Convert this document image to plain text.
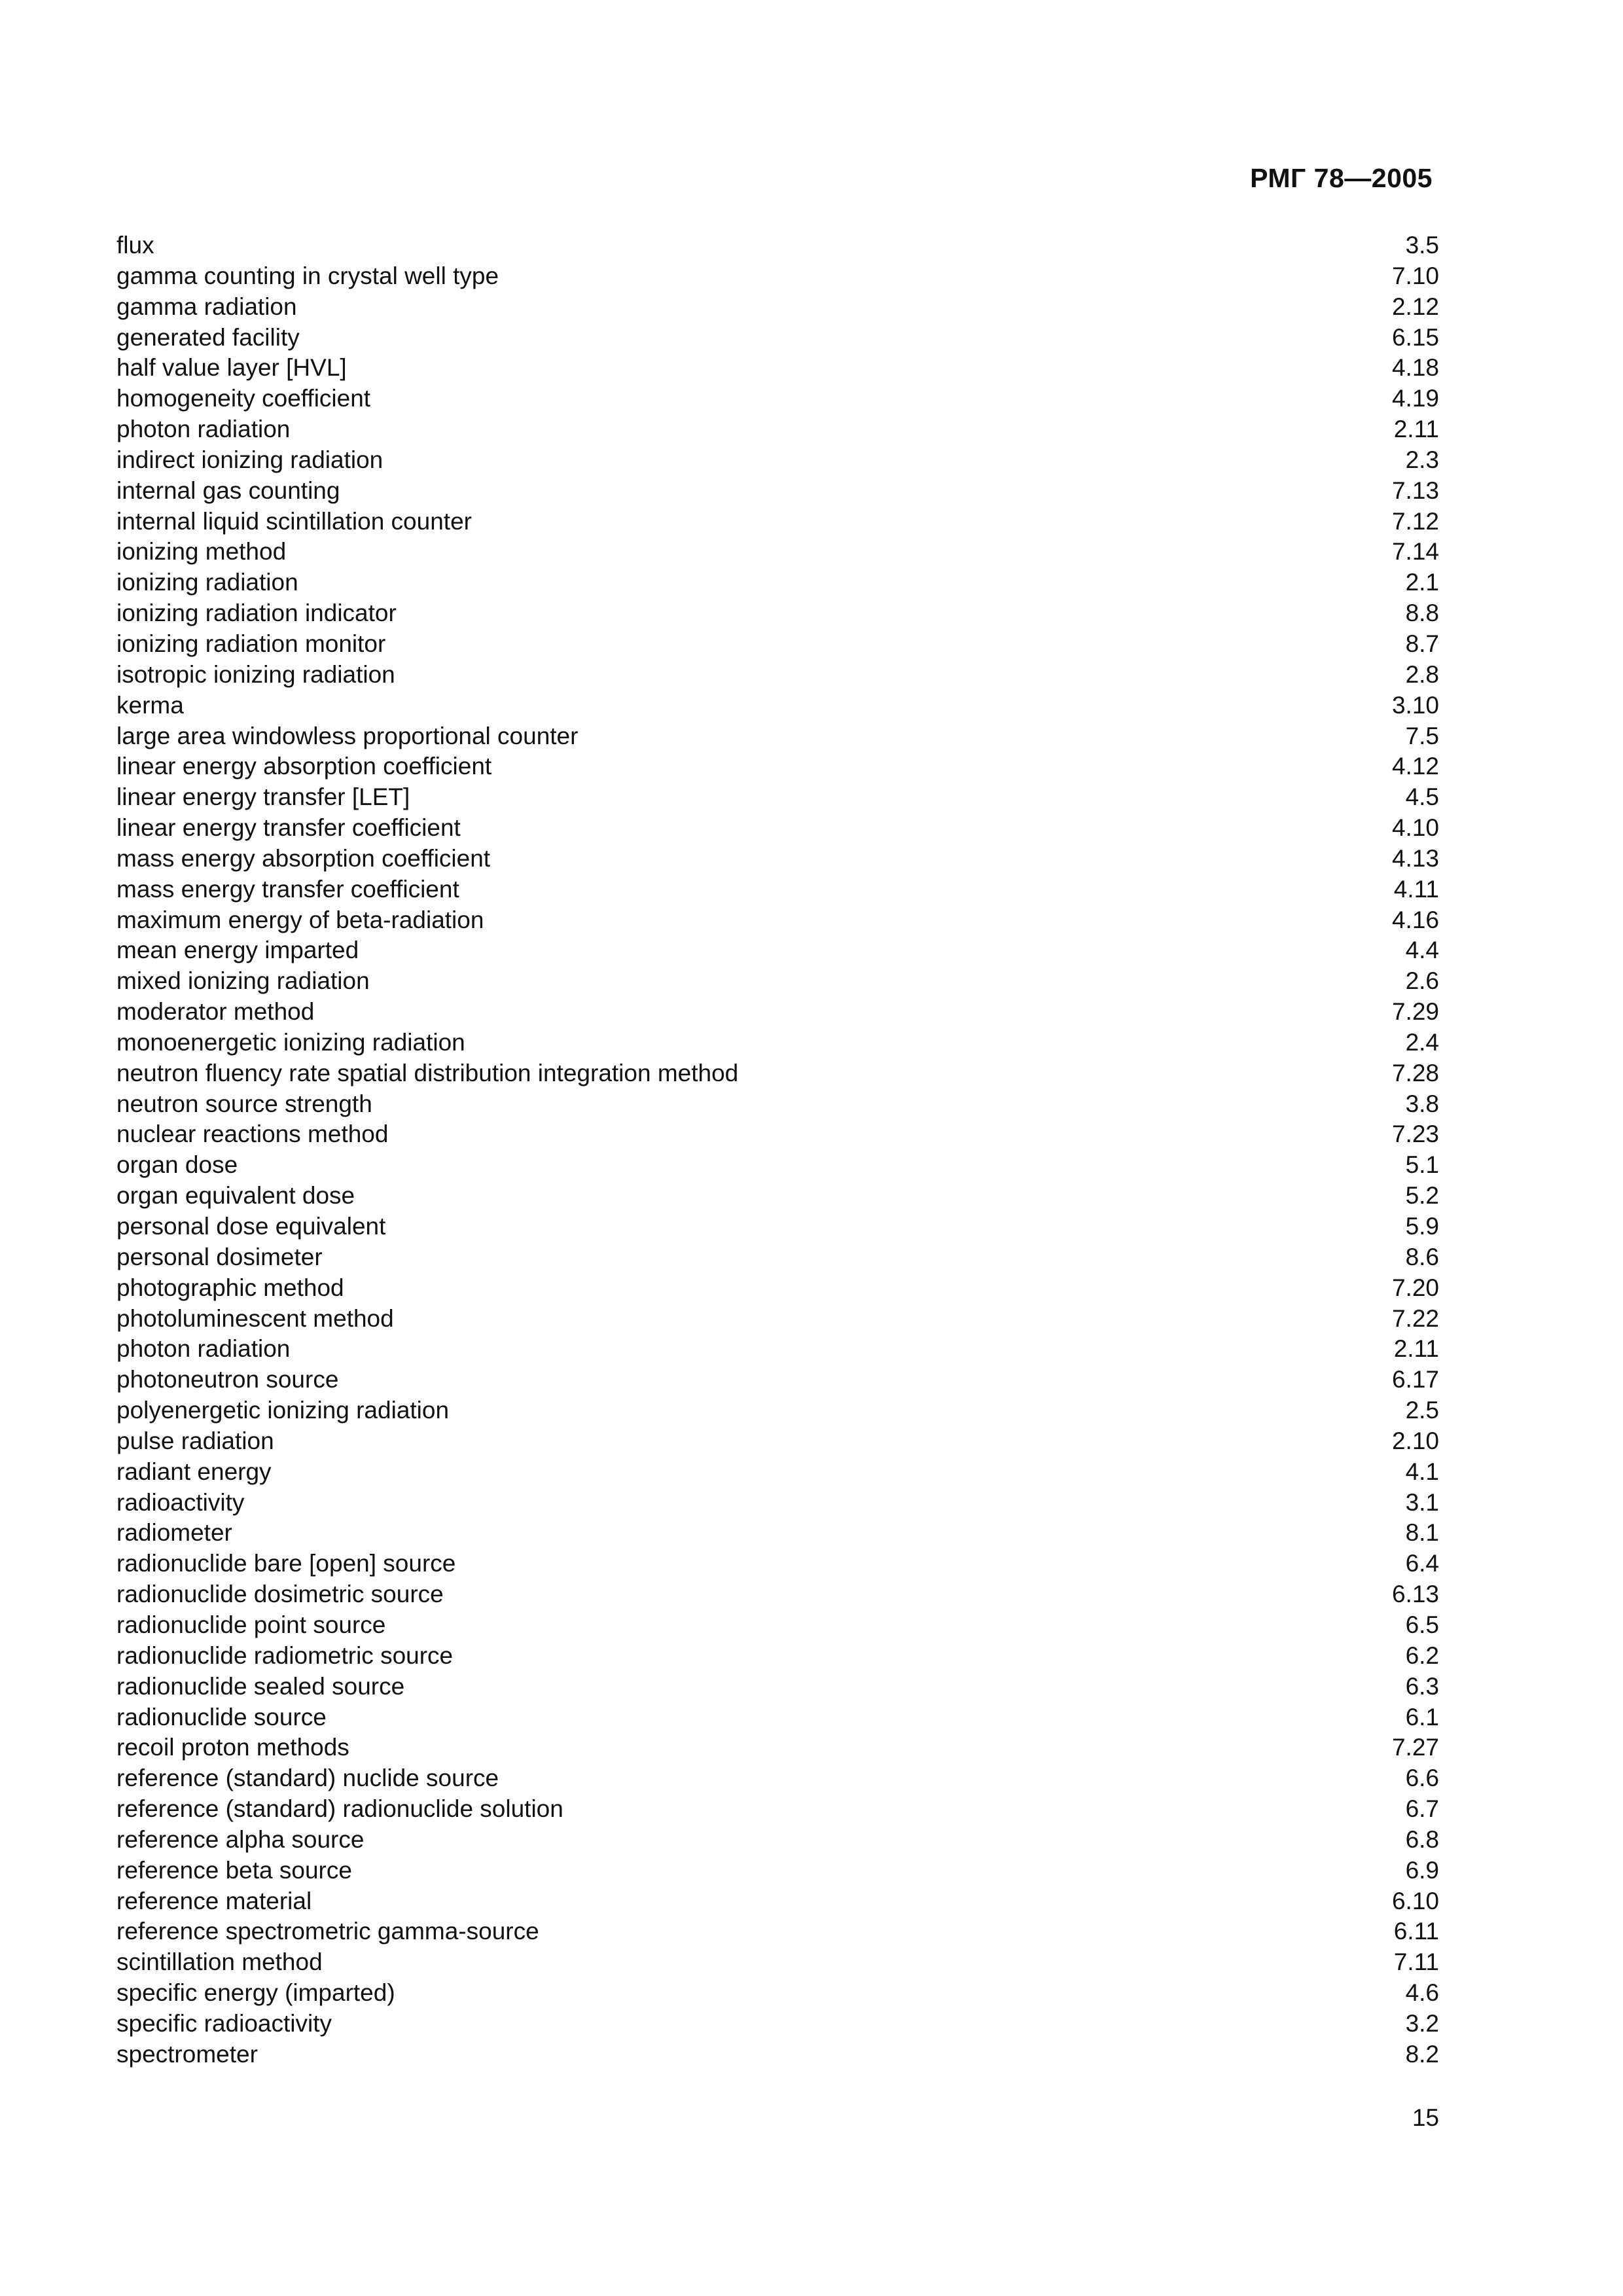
РМГ 78—2005
flux	3.5
gamma counting in crystal well type	7.10
gamma radiation	2.12
generated facility	6.15
half value layer [HVL]	4.18
homogeneity coefficient	4.19
photon radiation	2.11
indirect ionizing radiation	2.3
internal gas counting	7.13
internal liquid scintillation counter	7.12
ionizing method	7.14
ionizing radiation	2.1
ionizing radiation indicator	8.8
ionizing radiation monitor	8.7
isotropic ionizing radiation	2.8
kerma	3.10
large area windowless proportional counter	7.5
linear energy absorption coefficient	4.12
linear energy transfer [LET]	4.5
linear energy transfer coefficient	4.10
mass energy absorption coefficient	4.13
mass energy transfer coefficient	4.11
maximum energy of beta-radiation	4.16
mean energy imparted	4.4
mixed ionizing radiation	2.6
moderator method	7.29
monoenergetic ionizing radiation	2.4
neutron fluency rate spatial distribution integration method	7.28
neutron source strength	3.8
nuclear reactions method	7.23
organ dose	5.1
organ equivalent dose	5.2
personal dose equivalent	5.9
personal dosimeter	8.6
photographic method	7.20
photoluminescent method	7.22
photon radiation	2.11
photoneutron source	6.17
polyenergetic ionizing radiation	2.5
pulse radiation	2.10
radiant energy	4.1
radioactivity	3.1
radiometer	8.1
radionuclide bare [open] source	6.4
radionuclide dosimetric source	6.13
radionuclide point source	6.5
radionuclide radiometric source	6.2
radionuclide sealed source	6.3
radionuclide source	6.1
recoil proton methods	7.27
reference (standard) nuclide source	6.6
reference (standard) radionuclide solution	6.7
reference alpha source	6.8
reference beta source	6.9
reference material	6.10
reference spectrometric gamma-source	6.11
scintillation method	7.11
specific energy (imparted)	4.6
specific radioactivity	3.2
spectrometer	8.2
15
